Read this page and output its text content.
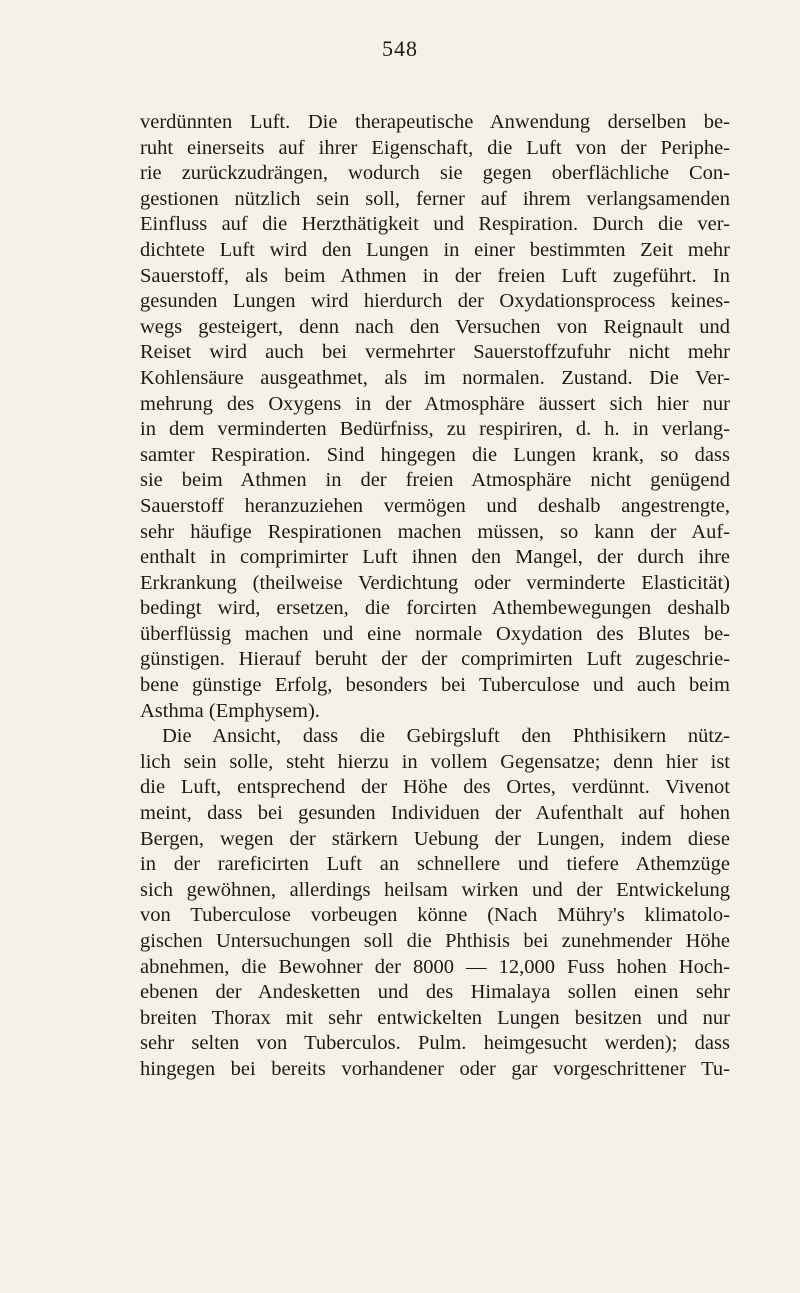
548
verdünnten Luft. Die therapeutische Anwendung derselben be-
ruht einerseits auf ihrer Eigenschaft, die Luft von der Periphe-
rie zurückzudrängen, wodurch sie gegen oberflächliche Con-
gestionen nützlich sein soll, ferner auf ihrem verlangsamenden
Einfluss auf die Herzthätigkeit und Respiration. Durch die ver-
dichtete Luft wird den Lungen in einer bestimmten Zeit mehr
Sauerstoff, als beim Athmen in der freien Luft zugeführt. In
gesunden Lungen wird hierdurch der Oxydationsprocess keines-
wegs gesteigert, denn nach den Versuchen von Reignault und
Reiset wird auch bei vermehrter Sauerstoffzufuhr nicht mehr
Kohlensäure ausgeathmet, als im normalen. Zustand. Die Ver-
mehrung des Oxygens in der Atmosphäre äussert sich hier nur
in dem verminderten Bedürfniss, zu respiriren, d. h. in verlang-
samter Respiration. Sind hingegen die Lungen krank, so dass
sie beim Athmen in der freien Atmosphäre nicht genügend
Sauerstoff heranzuziehen vermögen und deshalb angestrengte,
sehr häufige Respirationen machen müssen, so kann der Auf-
enthalt in comprimirter Luft ihnen den Mangel, der durch ihre
Erkrankung (theilweise Verdichtung oder verminderte Elasticität)
bedingt wird, ersetzen, die forcirten Athembewegungen deshalb
überflüssig machen und eine normale Oxydation des Blutes be-
günstigen. Hierauf beruht der der comprimirten Luft zugeschrie-
bene günstige Erfolg, besonders bei Tuberculose und auch beim
Asthma (Emphysem).
Die Ansicht, dass die Gebirgsluft den Phthisikern nütz-
lich sein solle, steht hierzu in vollem Gegensatze; denn hier ist
die Luft, entsprechend der Höhe des Ortes, verdünnt. Vivenot
meint, dass bei gesunden Individuen der Aufenthalt auf hohen
Bergen, wegen der stärkern Uebung der Lungen, indem diese
in der rareficirten Luft an schnellere und tiefere Athemzüge
sich gewöhnen, allerdings heilsam wirken und der Entwickelung
von Tuberculose vorbeugen könne (Nach Mühry's klimatolo-
gischen Untersuchungen soll die Phthisis bei zunehmender Höhe
abnehmen, die Bewohner der 8000 — 12,000 Fuss hohen Hoch-
ebenen der Andesketten und des Himalaya sollen einen sehr
breiten Thorax mit sehr entwickelten Lungen besitzen und nur
sehr selten von Tuberculos. Pulm. heimgesucht werden); dass
hingegen bei bereits vorhandener oder gar vorgeschrittener Tu-
